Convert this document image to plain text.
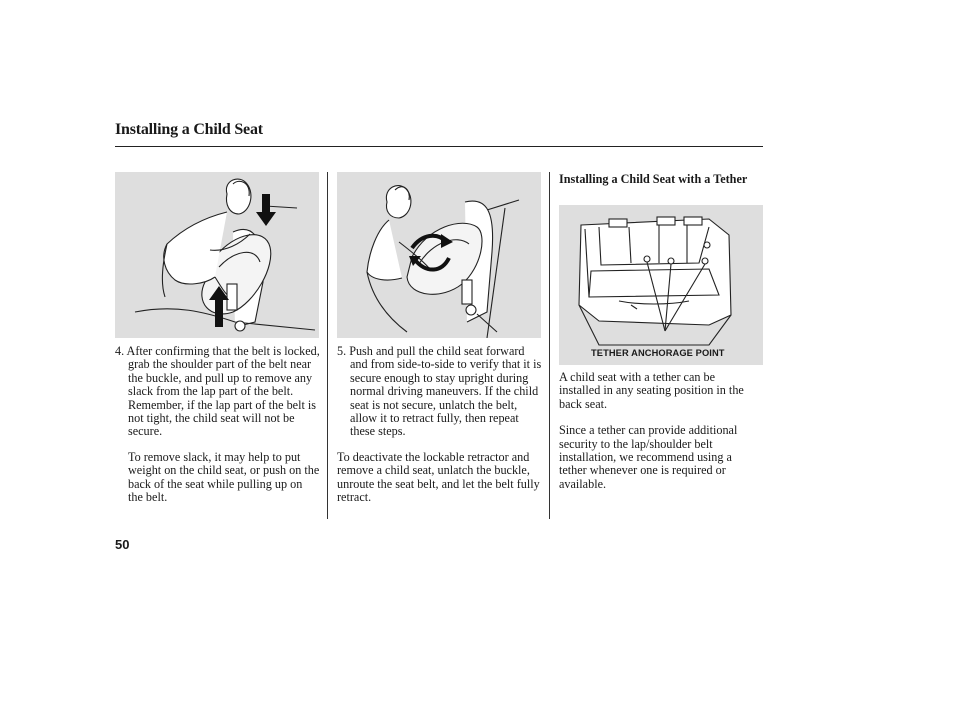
Installing a Child Seat
Installing a Child Seat with a Tether
TETHER ANCHORAGE POINT

4. After confirming that the belt is locked, grab the shoulder part of the belt near the buckle, and pull up to remove any slack from the lap part of the belt. Remember, if the lap part of the belt is not tight, the child seat will not be secure.

To remove slack, it may help to put weight on the child seat, or push on the back of the seat while pulling up on the belt.

5. Push and pull the child seat forward and from side-to-side to verify that it is secure enough to stay upright during normal driving maneuvers. If the child seat is not secure, unlatch the belt, allow it to retract fully, then repeat these steps.

To deactivate the lockable retractor and remove a child seat, unlatch the buckle, unroute the seat belt, and let the belt fully retract.

A child seat with a tether can be installed in any seating position in the back seat.

Since a tether can provide additional security to the lap/shoulder belt installation, we recommend using a tether whenever one is required or available.

50
